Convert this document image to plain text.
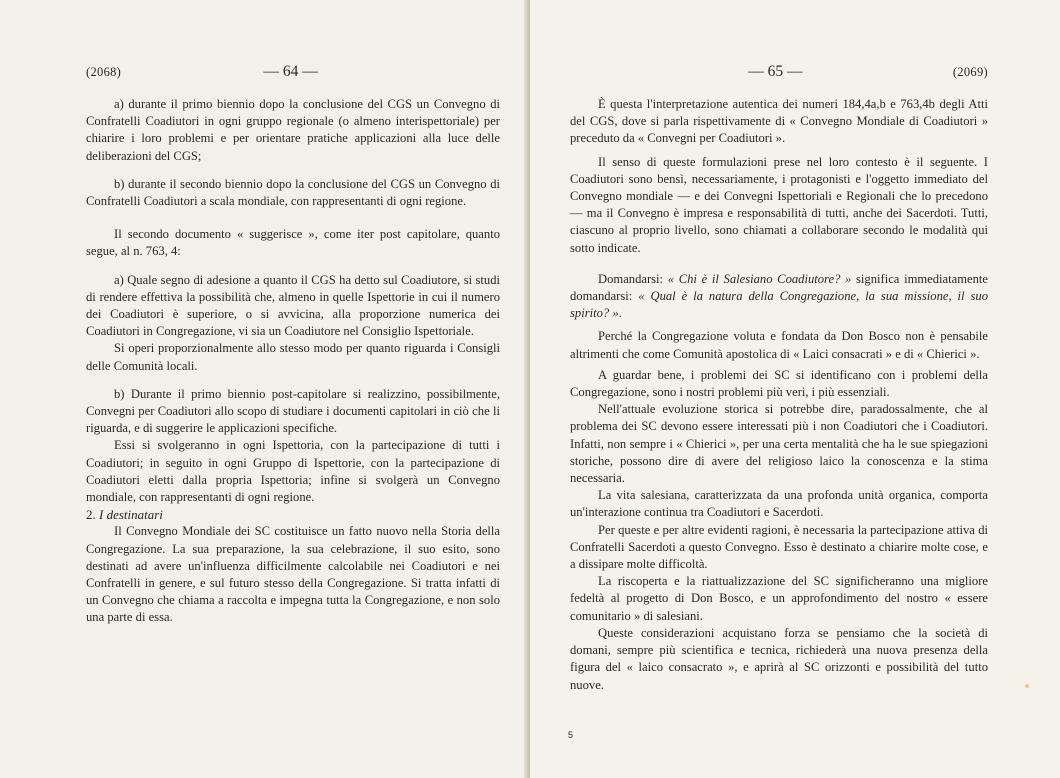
(2068)	— 64 —

a) durante il primo biennio dopo la conclusione del CGS un Convegno di Confratelli Coadiutori in ogni gruppo regionale (o almeno interispettoriale) per chiarire i loro problemi e per orientare pratiche applicazioni alla luce delle deliberazioni del CGS;

b) durante il secondo biennio dopo la conclusione del CGS un Convegno di Confratelli Coadiutori a scala mondiale, con rappresentanti di ogni regione.

Il secondo documento « suggerisce », come iter post capitolare, quanto segue, al n. 763, 4:

a) Quale segno di adesione a quanto il CGS ha detto sul Coadiutore, si studi di rendere effettiva la possibilità che, almeno in quelle Ispettorie in cui il numero dei Coadiutori è superiore, o si avvicina, alla proporzione numerica dei Coadiutori in Congregazione, vi sia un Coadiutore nel Consiglio Ispettoriale.

Si operi proporzionalmente allo stesso modo per quanto riguarda i Consigli delle Comunità locali.

b) Durante il primo biennio post-capitolare si realizzino, possibilmente, Convegni per Coadiutori allo scopo di studiare i documenti capitolari in ciò che li riguarda, e di suggerire le applicazioni specifiche.

Essi si svolgeranno in ogni Ispettoria, con la partecipazione di tutti i Coadiutori; in seguito in ogni Gruppo di Ispettorie, con la partecipazione di Coadiutori eletti dalla propria Ispettoria; infine si svolgerà un Convegno mondiale, con rappresentanti di ogni regione.

2. I destinatari

Il Convegno Mondiale dei SC costituisce un fatto nuovo nella Storia della Congregazione. La sua preparazione, la sua celebrazione, il suo esito, sono destinati ad avere un'influenza difficilmente calcolabile nei Coadiutori e nei Confratelli in genere, e sul futuro stesso della Congregazione. Si tratta infatti di un Convegno che chiama a raccolta e impegna tutta la Congregazione, e non solo una parte di essa.

— 65 —	(2069)

È questa l'interpretazione autentica dei numeri 184,4a,b e 763,4b degli Atti del CGS, dove si parla rispettivamente di « Convegno Mondiale di Coadiutori » preceduto da « Convegni per Coadiutori ».

Il senso di queste formulazioni prese nel loro contesto è il seguente. I Coadiutori sono bensì, necessariamente, i protagonisti e l'oggetto immediato del Convegno mondiale — e dei Convegni Ispettoriali e Regionali che lo precedono — ma il Convegno è impresa e responsabilità di tutti, anche dei Sacerdoti. Tutti, ciascuno al proprio livello, sono chiamati a collaborare secondo le modalità qui sotto indicate.

Domandarsi: « Chi è il Salesiano Coadiutore? » significa immediatamente domandarsi: « Qual è la natura della Congregazione, la sua missione, il suo spirito? ».

Perché la Congregazione voluta e fondata da Don Bosco non è pensabile altrimenti che come Comunità apostolica di « Laici consacrati » e di « Chierici ».

A guardar bene, i problemi dei SC si identificano con i problemi della Congregazione, sono i nostri problemi più veri, i più essenziali.

Nell'attuale evoluzione storica si potrebbe dire, paradossalmente, che al problema dei SC devono essere interessati più i non Coadiutori che i Coadiutori. Infatti, non sempre i « Chierici », per una certa mentalità che ha le sue spiegazioni storiche, possono dire di avere del religioso laico la conoscenza e la stima necessaria.

La vita salesiana, caratterizzata da una profonda unità organica, comporta un'interazione continua tra Coadiutori e Sacerdoti.

Per queste e per altre evidenti ragioni, è necessaria la partecipazione attiva di Confratelli Sacerdoti a questo Convegno. Esso è destinato a chiarire molte cose, e a dissipare molte difficoltà.

La riscoperta e la riattualizzazione del SC significheranno una migliore fedeltà al progetto di Don Bosco, e un approfondimento del nostro « essere comunitario » di salesiani.

Queste considerazioni acquistano forza se pensiamo che la società di domani, sempre più scientifica e tecnica, richiederà una nuova presenza della figura del « laico consacrato », e aprirà al SC orizzonti e possibilità del tutto nuove.

5
